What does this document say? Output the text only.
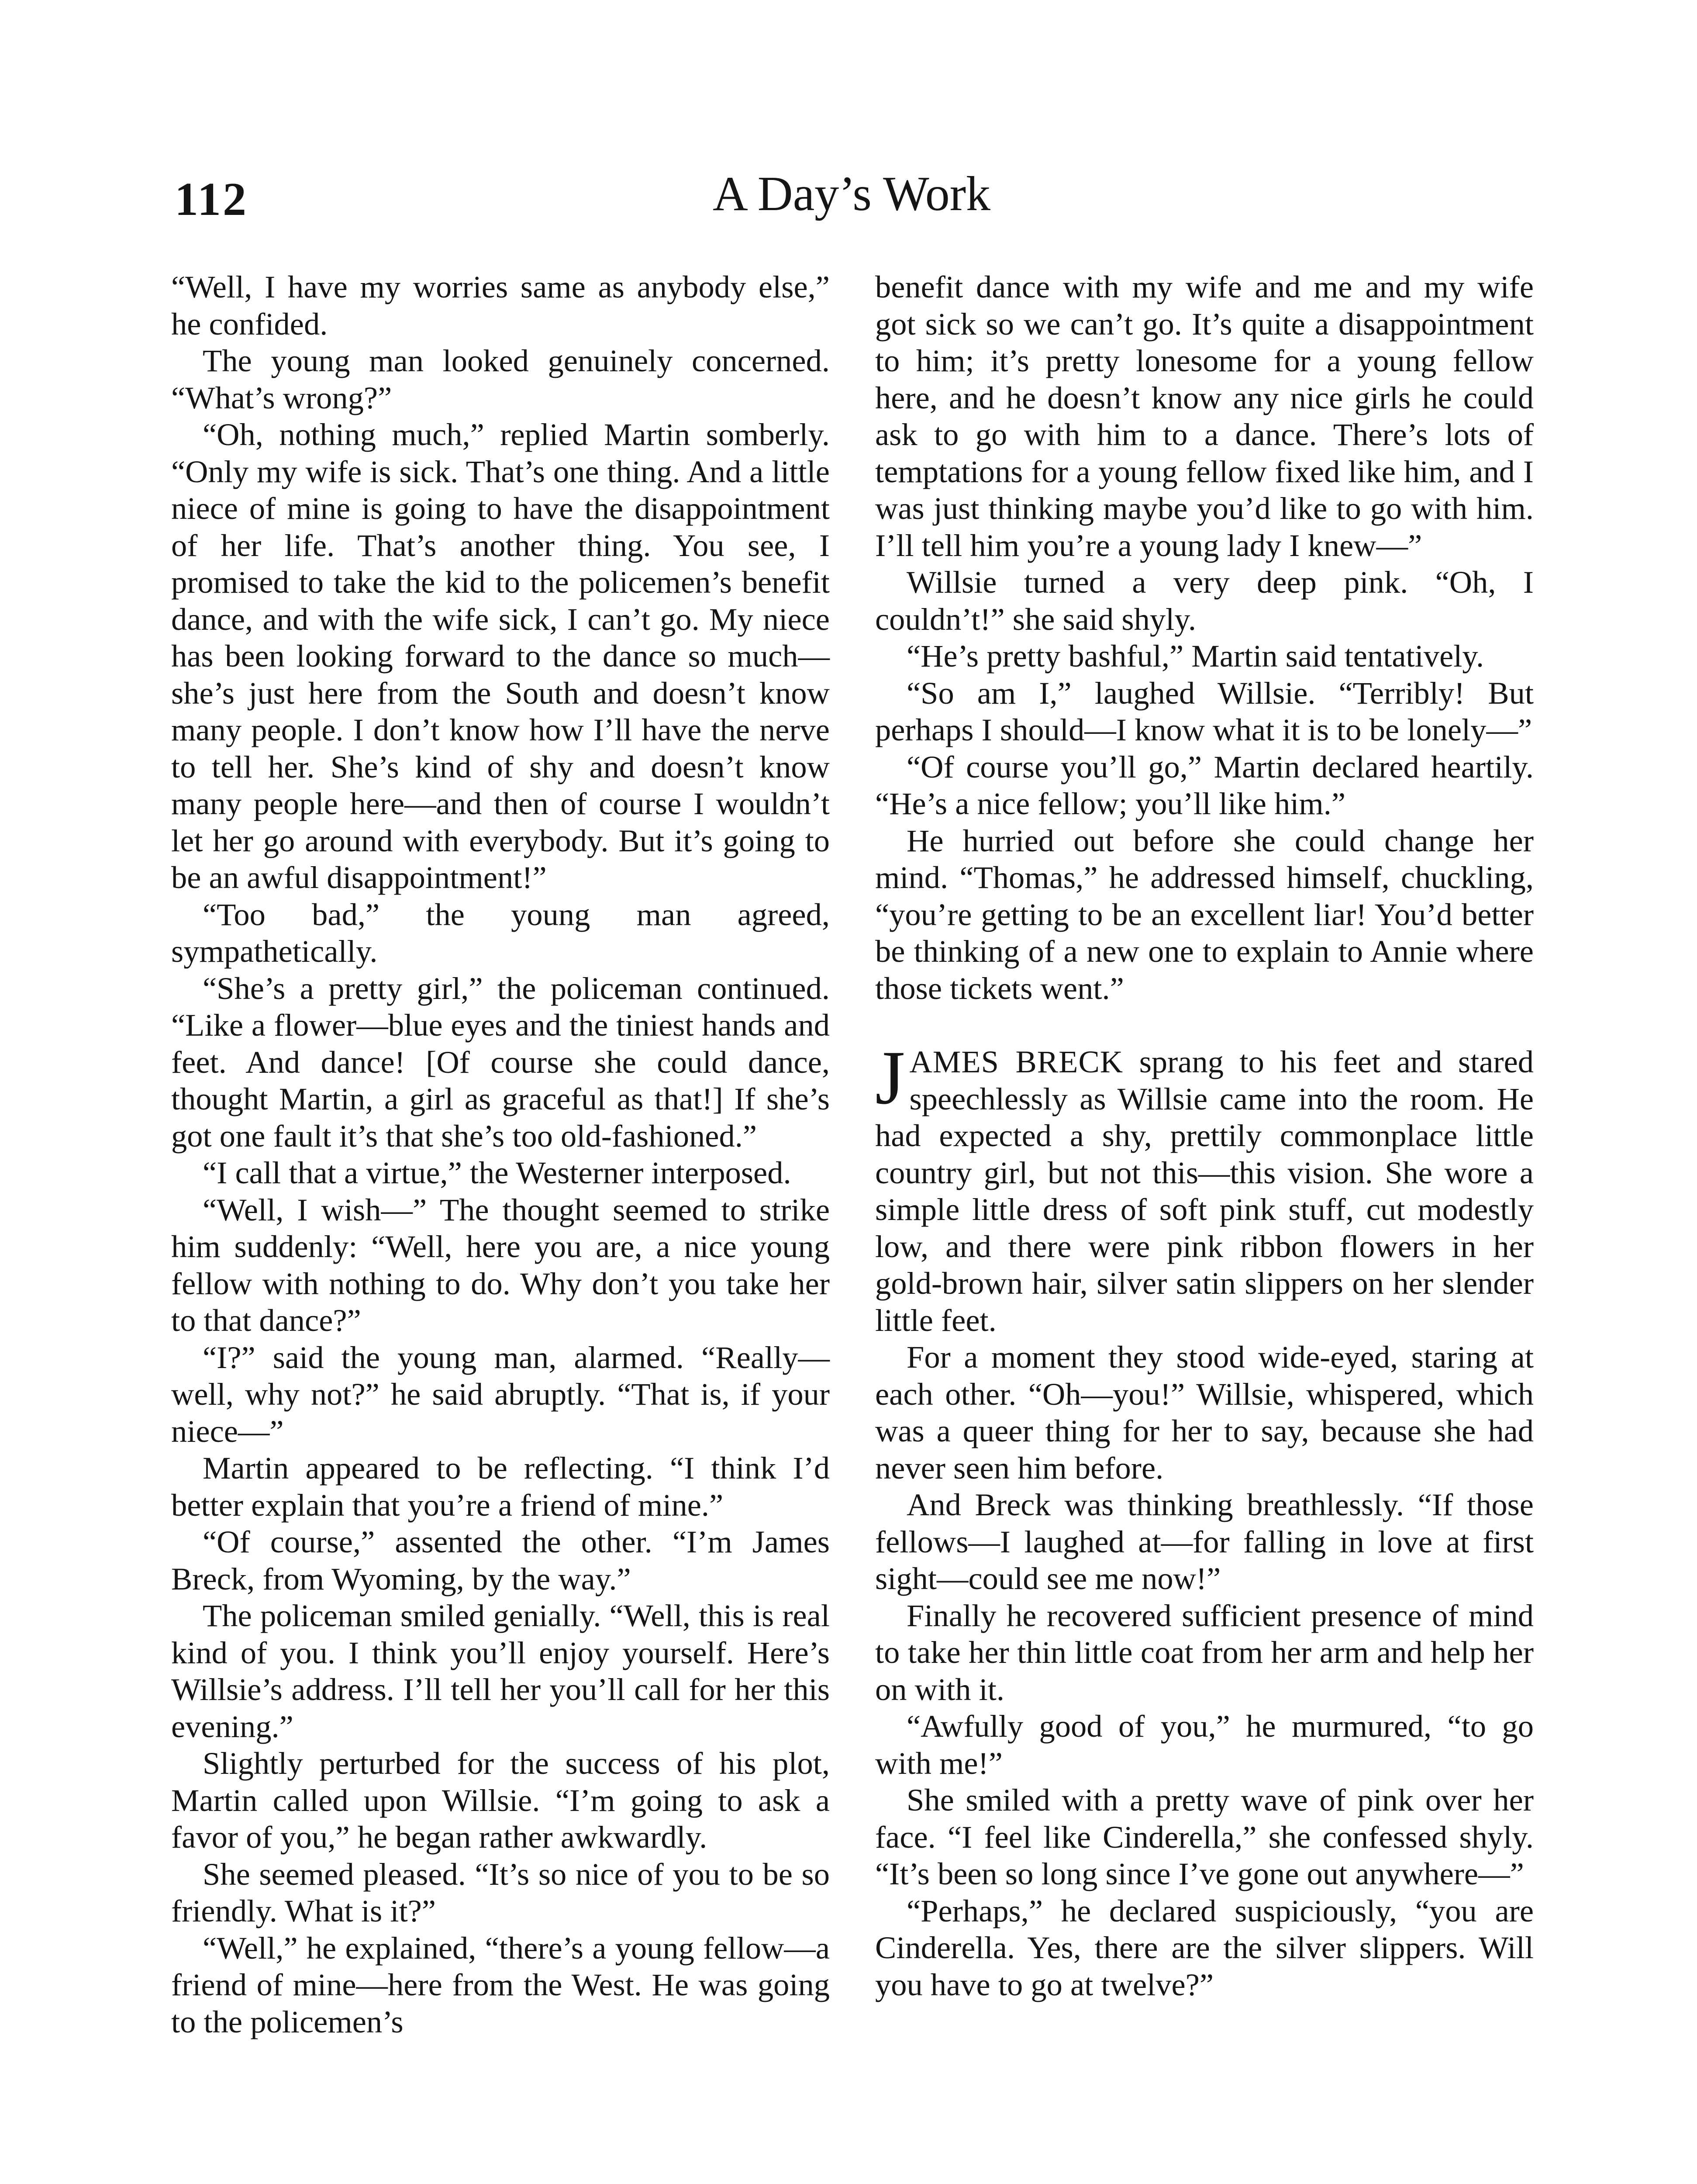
112	A Day’s Work

“Well, I have my worries same as anybody else,” he confided.

The young man looked genuinely concerned. “What’s wrong?”

“Oh, nothing much,” replied Martin somberly. “Only my wife is sick. That’s one thing. And a little niece of mine is going to have the disappointment of her life. That’s another thing. You see, I promised to take the kid to the policemen’s benefit dance, and with the wife sick, I can’t go. My niece has been looking forward to the dance so much—she’s just here from the South and doesn’t know many people. I don’t know how I’ll have the nerve to tell her. She’s kind of shy and doesn’t know many people here—and then of course I wouldn’t let her go around with everybody. But it’s going to be an awful disappointment!”

“Too bad,” the young man agreed, sympathetically.

“She’s a pretty girl,” the policeman continued. “Like a flower—blue eyes and the tiniest hands and feet. And dance! [Of course she could dance, thought Martin, a girl as graceful as that!] If she’s got one fault it’s that she’s too old-fashioned.”

“I call that a virtue,” the Westerner interposed.

“Well, I wish—” The thought seemed to strike him suddenly: “Well, here you are, a nice young fellow with nothing to do. Why don’t you take her to that dance?”

“I?” said the young man, alarmed. “Really—well, why not?” he said abruptly. “That is, if your niece—”

Martin appeared to be reflecting. “I think I’d better explain that you’re a friend of mine.”

“Of course,” assented the other. “I’m James Breck, from Wyoming, by the way.”

The policeman smiled genially. “Well, this is real kind of you. I think you’ll enjoy yourself. Here’s Willsie’s address. I’ll tell her you’ll call for her this evening.”

Slightly perturbed for the success of his plot, Martin called upon Willsie. “I’m going to ask a favor of you,” he began rather awkwardly.

She seemed pleased. “It’s so nice of you to be so friendly. What is it?”

“Well,” he explained, “there’s a young fellow—a friend of mine—here from the West. He was going to the policemen’s

benefit dance with my wife and me and my wife got sick so we can’t go. It’s quite a disappointment to him; it’s pretty lonesome for a young fellow here, and he doesn’t know any nice girls he could ask to go with him to a dance. There’s lots of temptations for a young fellow fixed like him, and I was just thinking maybe you’d like to go with him. I’ll tell him you’re a young lady I knew—”

Willsie turned a very deep pink. “Oh, I couldn’t!” she said shyly.

“He’s pretty bashful,” Martin said tentatively.

“So am I,” laughed Willsie. “Terribly! But perhaps I should—I know what it is to be lonely—”

“Of course you’ll go,” Martin declared heartily. “He’s a nice fellow; you’ll like him.”

He hurried out before she could change her mind. “Thomas,” he addressed himself, chuckling, “you’re getting to be an excellent liar! You’d better be thinking of a new one to explain to Annie where those tickets went.”

JAMES BRECK sprang to his feet and stared speechlessly as Willsie came into the room. He had expected a shy, prettily commonplace little country girl, but not this—this vision. She wore a simple little dress of soft pink stuff, cut modestly low, and there were pink ribbon flowers in her gold-brown hair, silver satin slippers on her slender little feet.

For a moment they stood wide-eyed, staring at each other. “Oh—you!” Willsie, whispered, which was a queer thing for her to say, because she had never seen him before.

And Breck was thinking breathlessly. “If those fellows—I laughed at—for falling in love at first sight—could see me now!”

Finally he recovered sufficient presence of mind to take her thin little coat from her arm and help her on with it.

“Awfully good of you,” he murmured, “to go with me!”

She smiled with a pretty wave of pink over her face. “I feel like Cinderella,” she confessed shyly. “It’s been so long since I’ve gone out anywhere—”

“Perhaps,” he declared suspiciously, “you are Cinderella. Yes, there are the silver slippers. Will you have to go at twelve?”
